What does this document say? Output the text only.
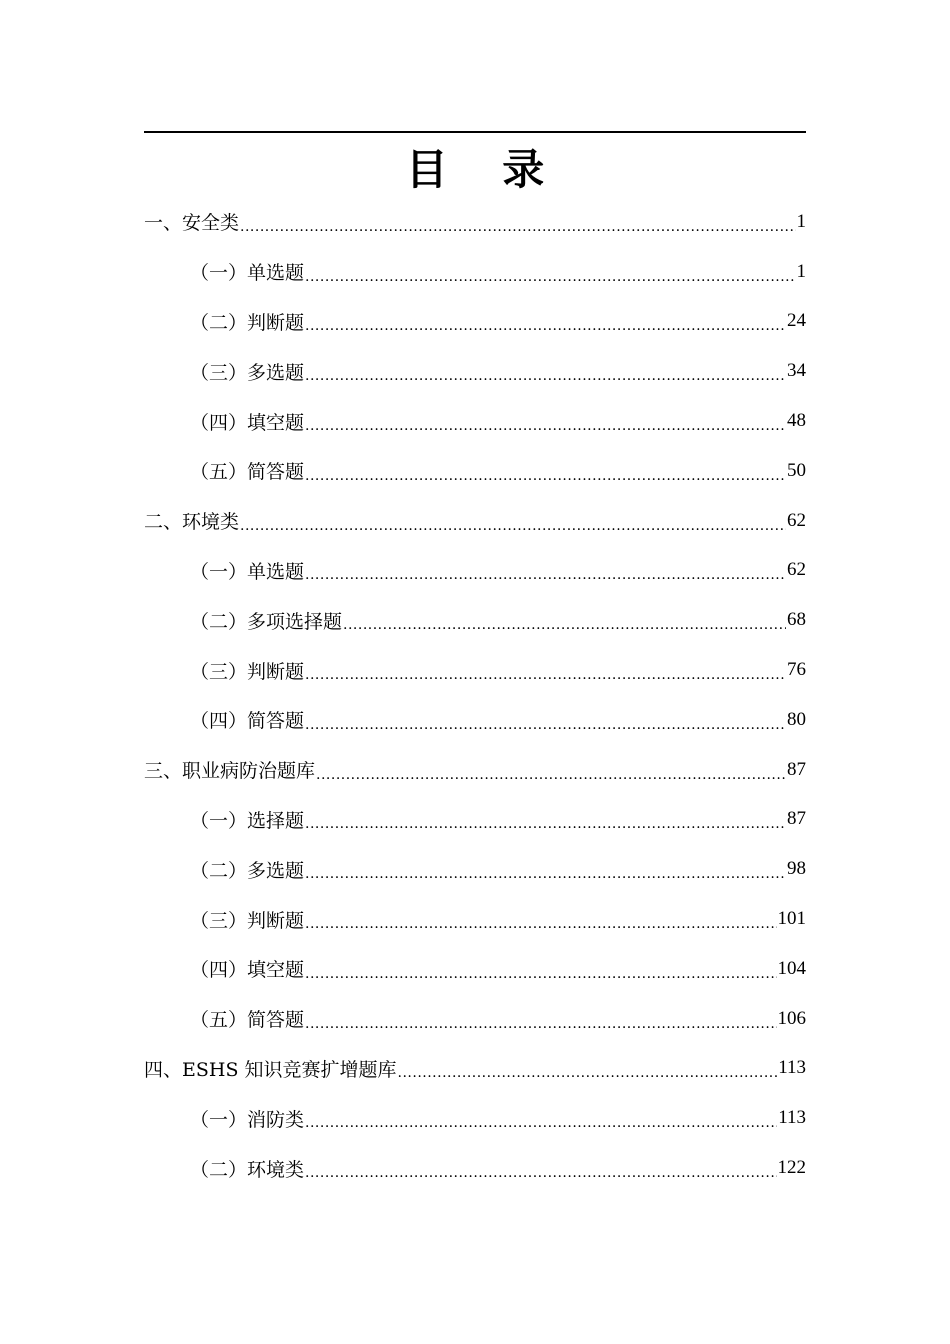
目 录
一、安全类 .....	1
（一）单选题 .....	1
（二）判断题 .....	24
（三）多选题 .....	34
（四）填空题 .....	48
（五）简答题 .....	50
二、环境类 .....	62
（一）单选题 .....	62
（二）多项选择题 .....	68
（三）判断题 .....	76
（四）简答题 .....	80
三、职业病防治题库 .....	87
（一）选择题 .....	87
（二）多选题 .....	98
（三）判断题 .....	101
（四）填空题 .....	104
（五）简答题 .....	106
四、ESHS 知识竞赛扩增题库 .....	113
（一）消防类 .....	113
（二）环境类 .....	122
